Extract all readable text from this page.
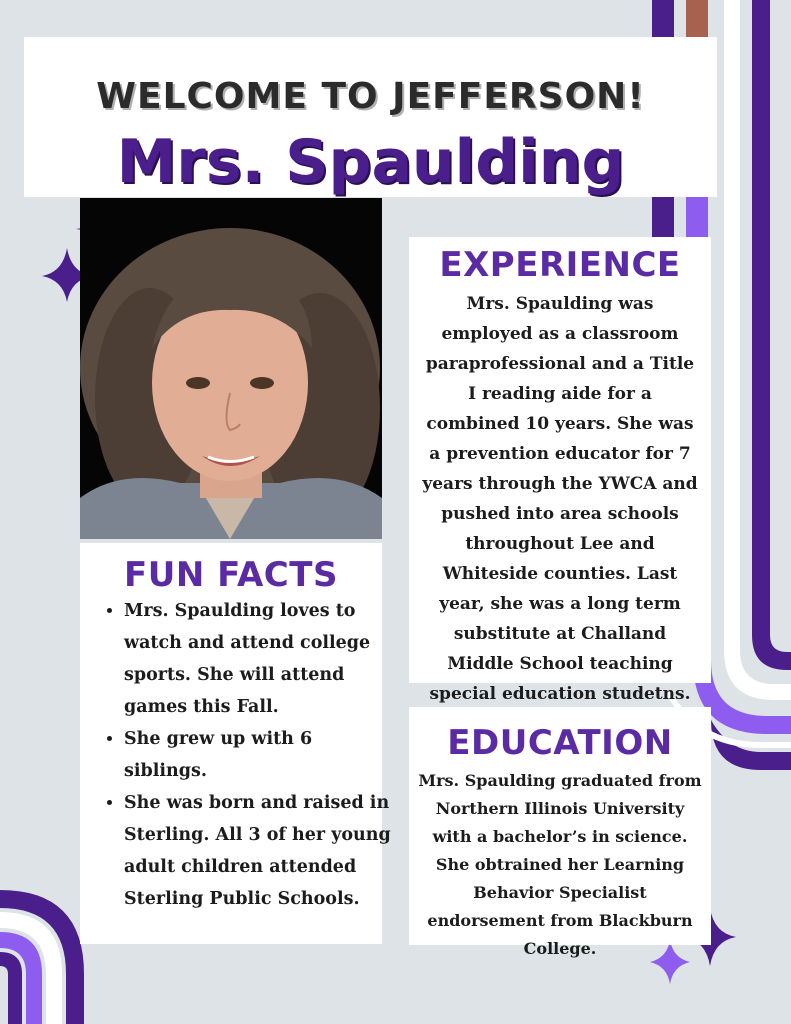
WELCOME TO JEFFERSON!
Mrs. Spaulding
FUN FACTS
• Mrs. Spaulding loves to watch and attend college sports. She will attend games this Fall.
• She grew up with 6 siblings.
• She was born and raised in Sterling. All 3 of her young adult children attended Sterling Public Schools.
EXPERIENCE

Mrs. Spaulding was employed as a classroom paraprofessional and a Title I reading aide for a combined 10 years. She was a prevention educator for 7 years through the YWCA and pushed into area schools throughout Lee and Whiteside counties. Last year, she was a long term substitute at Challand Middle School teaching special education studetns.

EDUCATION

Mrs. Spaulding graduated from Northern Illinois University with a bachelor’s in science. She obtrained her Learning Behavior Specialist endorsement from Blackburn College.
